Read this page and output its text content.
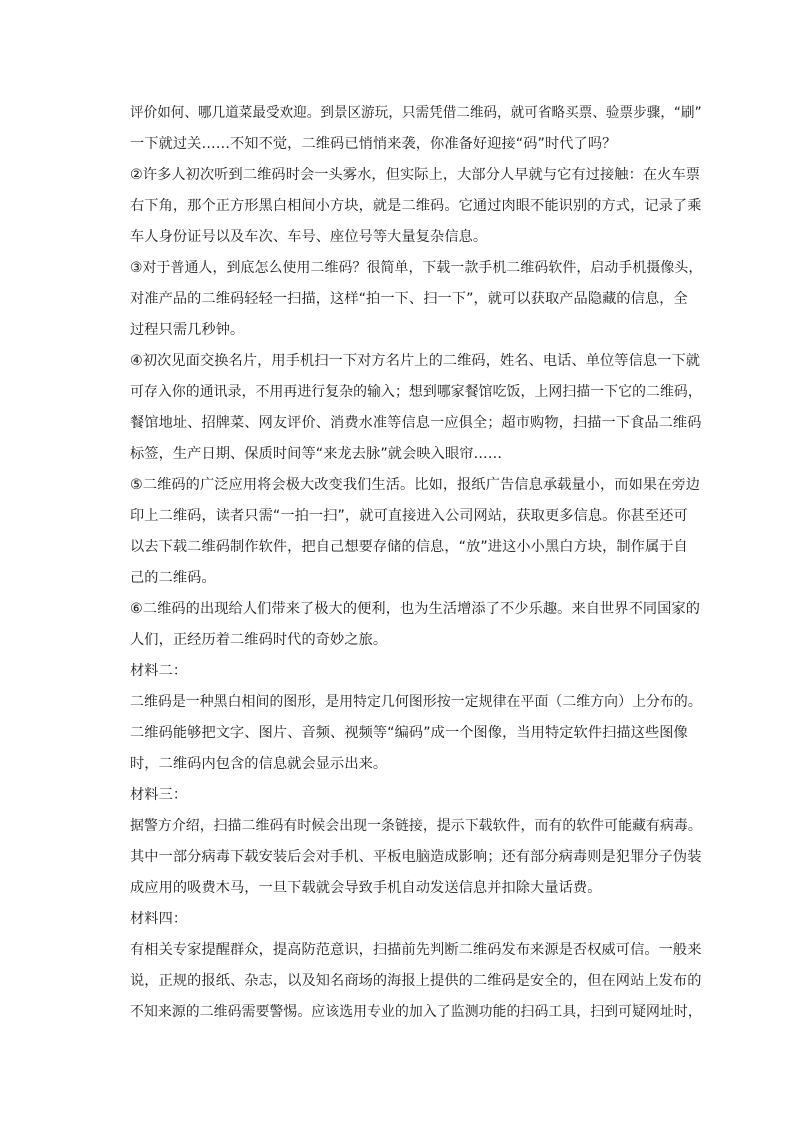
评价如何、哪几道菜最受欢迎。到景区游玩，只需凭借二维码，就可省略买票、验票步骤，“刷”
一下就过关……不知不觉，二维码已悄悄来袭，你准备好迎接“码”时代了吗？
②许多人初次听到二维码时会一头雾水，但实际上，大部分人早就与它有过接触：在火车票
右下角，那个正方形黑白相间小方块，就是二维码。它通过肉眼不能识别的方式，记录了乘
车人身份证号以及车次、车号、座位号等大量复杂信息。
③对于普通人，到底怎么使用二维码？很简单，下载一款手机二维码软件，启动手机摄像头，
对准产品的二维码轻轻一扫描，这样“拍一下、扫一下”，就可以获取产品隐藏的信息，全
过程只需几秒钟。
④初次见面交换名片，用手机扫一下对方名片上的二维码，姓名、电话、单位等信息一下就
可存入你的通讯录，不用再进行复杂的输入；想到哪家餐馆吃饭，上网扫描一下它的二维码，
餐馆地址、招牌菜、网友评价、消费水准等信息一应俱全；超市购物，扫描一下食品二维码
标签，生产日期、保质时间等“来龙去脉”就会映入眼帘……
⑤二维码的广泛应用将会极大改变我们生活。比如，报纸广告信息承载量小，而如果在旁边
印上二维码，读者只需“一拍一扫”，就可直接进入公司网站，获取更多信息。你甚至还可
以去下载二维码制作软件，把自己想要存储的信息，“放”进这小小黑白方块，制作属于自
己的二维码。
⑥二维码的出现给人们带来了极大的便利，也为生活增添了不少乐趣。来自世界不同国家的
人们，正经历着二维码时代的奇妙之旅。
材料二：
二维码是一种黑白相间的图形，是用特定几何图形按一定规律在平面（二维方向）上分布的。
二维码能够把文字、图片、音频、视频等“编码”成一个图像，当用特定软件扫描这些图像
时，二维码内包含的信息就会显示出来。
材料三：
据警方介绍，扫描二维码有时候会出现一条链接，提示下载软件，而有的软件可能藏有病毒。
其中一部分病毒下载安装后会对手机、平板电脑造成影响；还有部分病毒则是犯罪分子伪装
成应用的吸费木马，一旦下载就会导致手机自动发送信息并扣除大量话费。
材料四：
有相关专家提醒群众，提高防范意识，扫描前先判断二维码发布来源是否权威可信。一般来
说，正规的报纸、杂志，以及知名商场的海报上提供的二维码是安全的，但在网站上发布的
不知来源的二维码需要警惕。应该选用专业的加入了监测功能的扫码工具，扫到可疑网址时，
